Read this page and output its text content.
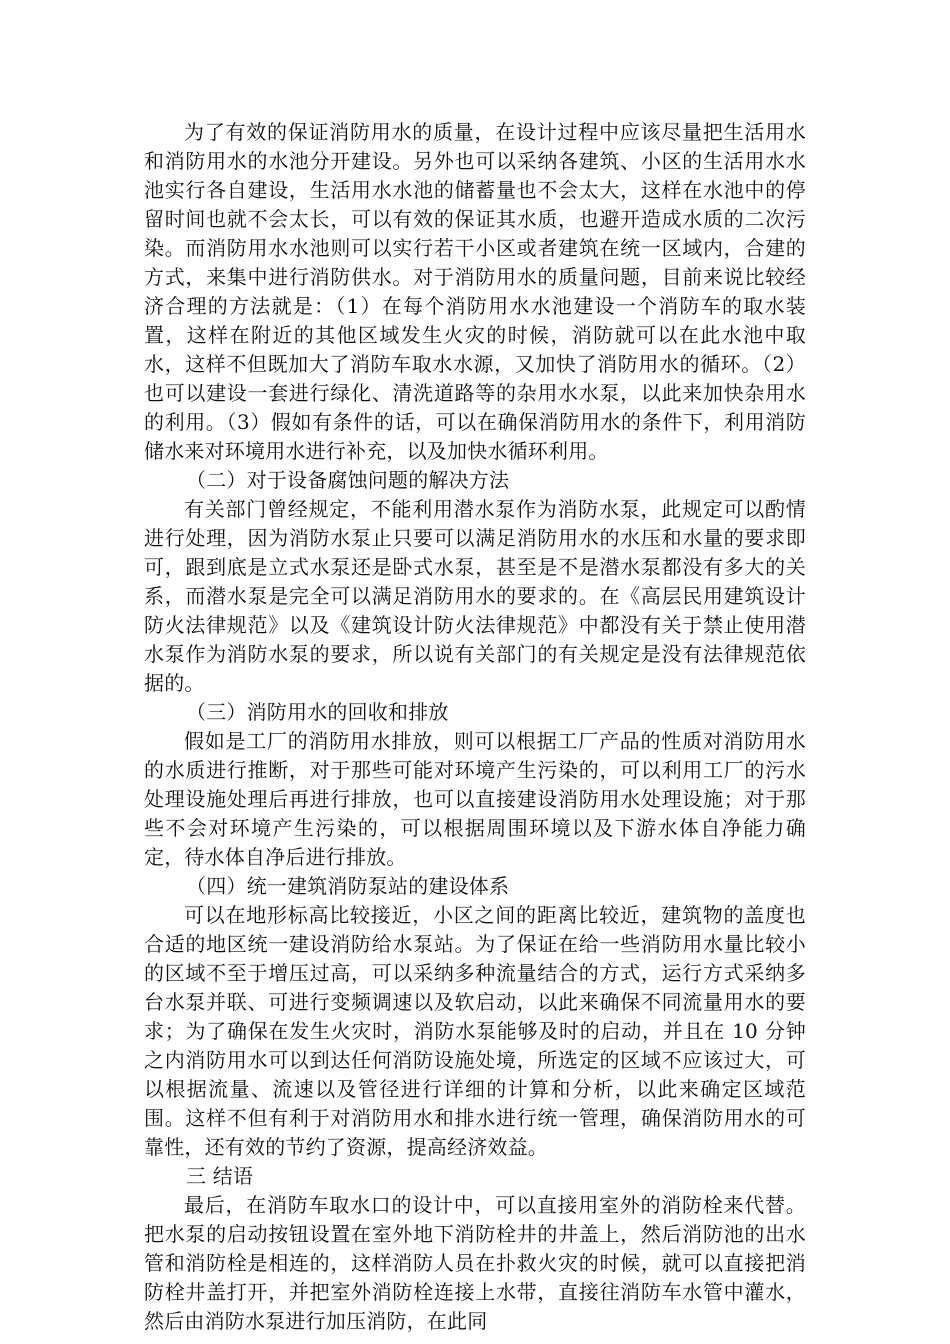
为了有效的保证消防用水的质量，在设计过程中应该尽量把生活用水和消防用水的水池分开建设。另外也可以采纳各建筑、小区的生活用水水池实行各自建设，生活用水水池的储蓄量也不会太大，这样在水池中的停留时间也就不会太长，可以有效的保证其水质，也避开造成水质的二次污染。而消防用水水池则可以实行若干小区或者建筑在统一区域内，合建的方式，来集中进行消防供水。对于消防用水的质量问题，目前来说比较经济合理的方法就是：（1）在每个消防用水水池建设一个消防车的取水装置，这样在附近的其他区域发生火灾的时候，消防就可以在此水池中取水，这样不但既加大了消防车取水水源，又加快了消防用水的循环。（2）也可以建设一套进行绿化、清洗道路等的杂用水水泵，以此来加快杂用水的利用。（3）假如有条件的话，可以在确保消防用水的条件下，利用消防储水来对环境用水进行补充，以及加快水循环利用。

（二）对于设备腐蚀问题的解决方法

有关部门曾经规定，不能利用潜水泵作为消防水泵，此规定可以酌情进行处理，因为消防水泵止只要可以满足消防用水的水压和水量的要求即可，跟到底是立式水泵还是卧式水泵，甚至是不是潜水泵都没有多大的关系，而潜水泵是完全可以满足消防用水的要求的。在《高层民用建筑设计防火法律规范》以及《建筑设计防火法律规范》中都没有关于禁止使用潜水泵作为消防水泵的要求，所以说有关部门的有关规定是没有法律规范依据的。

（三）消防用水的回收和排放

假如是工厂的消防用水排放，则可以根据工厂产品的性质对消防用水的水质进行推断，对于那些可能对环境产生污染的，可以利用工厂的污水处理设施处理后再进行排放，也可以直接建设消防用水处理设施；对于那些不会对环境产生污染的，可以根据周围环境以及下游水体自净能力确定，待水体自净后进行排放。

（四）统一建筑消防泵站的建设体系

可以在地形标高比较接近，小区之间的距离比较近，建筑物的盖度也合适的地区统一建设消防给水泵站。为了保证在给一些消防用水量比较小的区域不至于增压过高，可以采纳多种流量结合的方式，运行方式采纳多台水泵并联、可进行变频调速以及软启动，以此来确保不同流量用水的要求；为了确保在发生火灾时，消防水泵能够及时的启动，并且在 10 分钟之内消防用水可以到达任何消防设施处境，所选定的区域不应该过大，可以根据流量、流速以及管径进行详细的计算和分析，以此来确定区域范围。这样不但有利于对消防用水和排水进行统一管理，确保消防用水的可靠性，还有效的节约了资源，提高经济效益。

三 结语

最后，在消防车取水口的设计中，可以直接用室外的消防栓来代替。把水泵的启动按钮设置在室外地下消防栓井的井盖上，然后消防池的出水管和消防栓是相连的，这样消防人员在扑救火灾的时候，就可以直接把消防栓井盖打开，并把室外消防栓连接上水带，直接往消防车水管中灌水，然后由消防水泵进行加压消防，在此同
